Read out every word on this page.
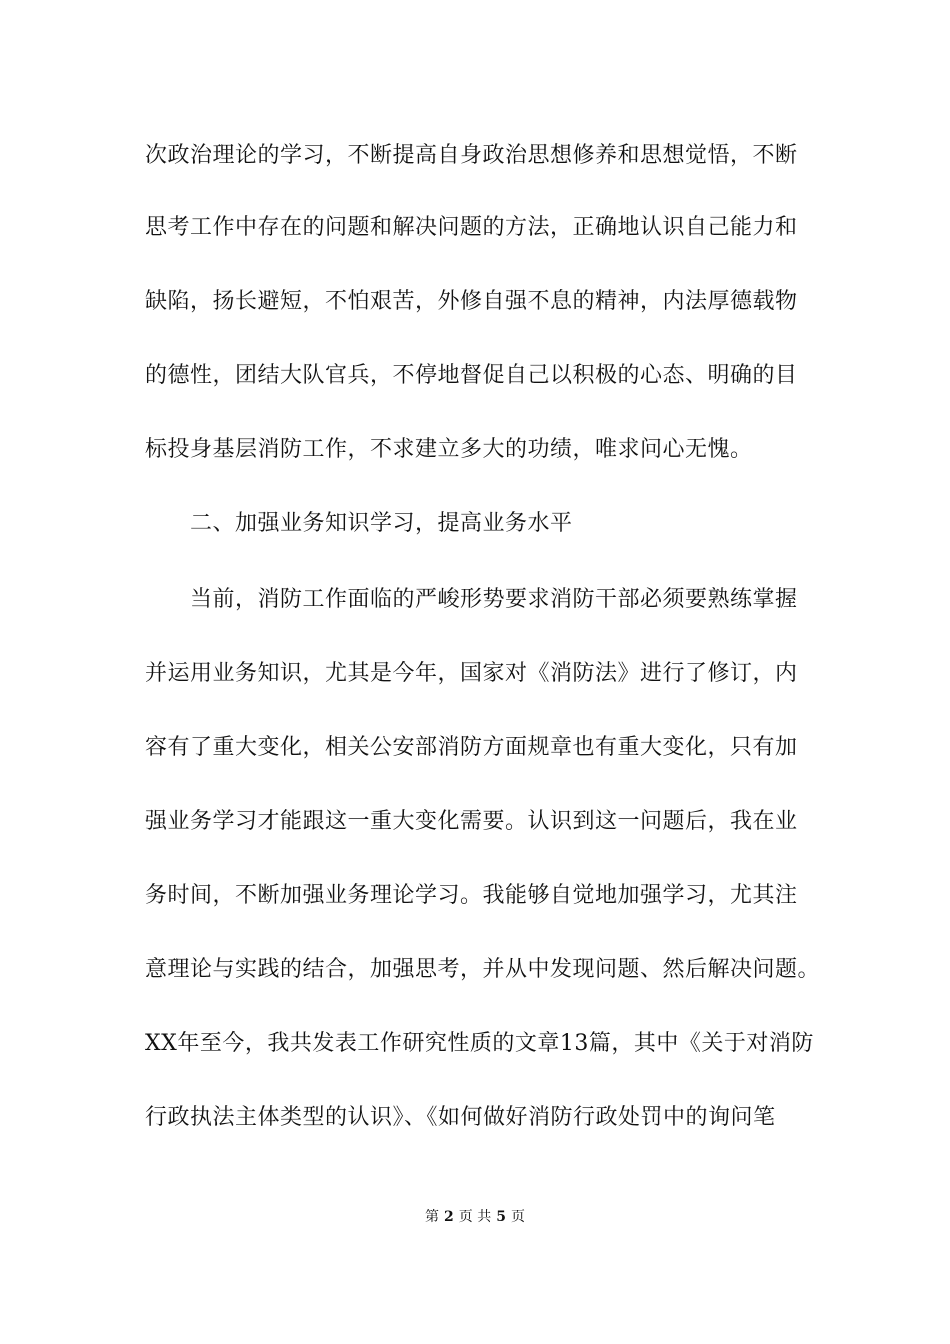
次政治理论的学习，不断提高自身政治思想修养和思想觉悟，不断
思考工作中存在的问题和解决问题的方法，正确地认识自己能力和
缺陷，扬长避短，不怕艰苦，外修自强不息的精神，内法厚德载物
的德性，团结大队官兵，不停地督促自己以积极的心态、明确的目
标投身基层消防工作，不求建立多大的功绩，唯求问心无愧。
二、加强业务知识学习，提高业务水平
当前，消防工作面临的严峻形势要求消防干部必须要熟练掌握
并运用业务知识，尤其是今年，国家对《消防法》进行了修订，内
容有了重大变化，相关公安部消防方面规章也有重大变化，只有加
强业务学习才能跟这一重大变化需要。认识到这一问题后，我在业
务时间，不断加强业务理论学习。我能够自觉地加强学习，尤其注
意理论与实践的结合，加强思考，并从中发现问题、然后解决问题。
XX年至今，我共发表工作研究性质的文章13篇，其中《关于对消防
行政执法主体类型的认识》、《如何做好消防行政处罚中的询问笔
第 2 页 共 5 页
